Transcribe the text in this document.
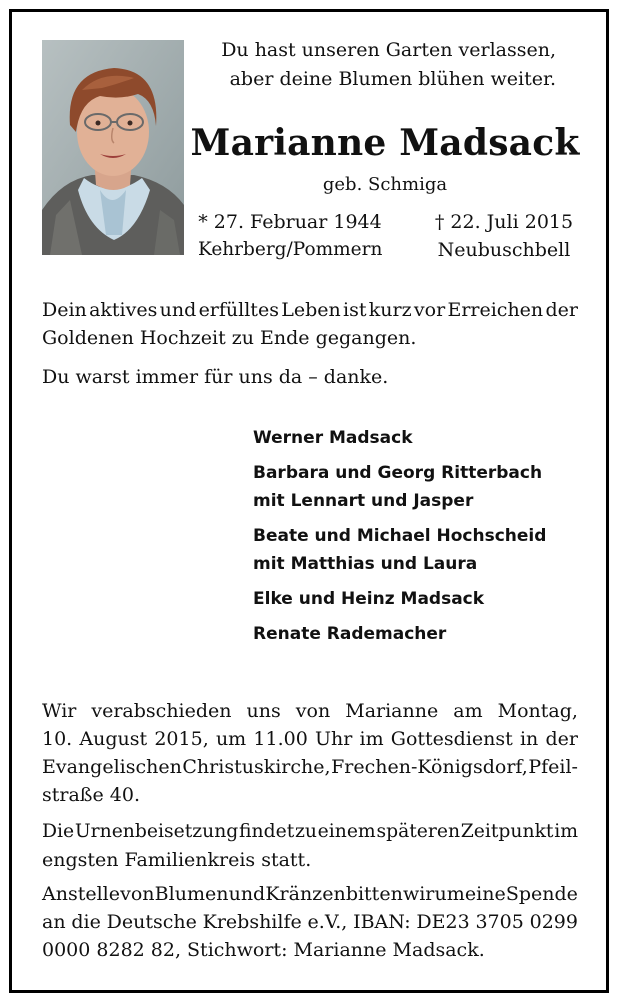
Du hast unseren Garten verlassen,
aber deine Blumen blühen weiter.
Marianne Madsack
geb. Schmiga
* 27. Februar 1944
Kehrberg/Pommern
† 22. Juli 2015
Neubuschbell
Dein aktives und erfülltes Leben ist kurz vor Erreichen der
Goldenen Hochzeit zu Ende gegangen.
Du warst immer für uns da – danke.
Werner Madsack
Barbara und Georg Ritterbach
mit Lennart und Jasper
Beate und Michael Hochscheid
mit Matthias und Laura
Elke und Heinz Madsack
Renate Rademacher
Wir verabschieden uns von Marianne am Montag,
10. August 2015, um 11.00 Uhr im Gottesdienst in der
Evangelischen Christuskirche, Frechen-Königsdorf, Pfeil-
straße 40.
Die Urnenbeisetzung findet zu einem späteren Zeitpunkt im
engsten Familienkreis statt.
Anstelle von Blumen und Kränzen bitten wir um eine Spende
an die Deutsche Krebshilfe e.V., IBAN: DE23 3705 0299
0000 8282 82, Stichwort: Marianne Madsack.
